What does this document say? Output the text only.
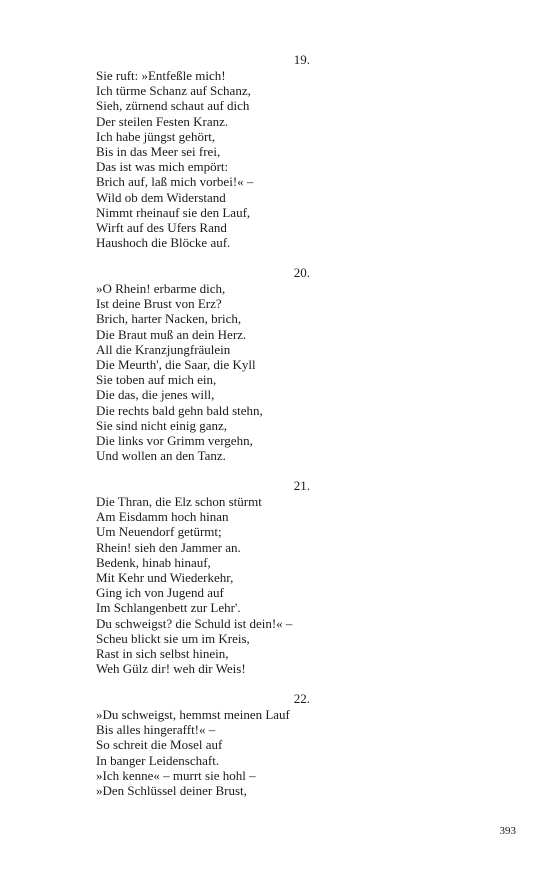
19.
Sie ruft: »Entfeßle mich!
Ich türme Schanz auf Schanz,
Sieh, zürnend schaut auf dich
Der steilen Festen Kranz.
Ich habe jüngst gehört,
Bis in das Meer sei frei,
Das ist was mich empört:
Brich auf, laß mich vorbei!« –
Wild ob dem Widerstand
Nimmt rheinauf sie den Lauf,
Wirft auf des Ufers Rand
Haushoch die Blöcke auf.
20.
»O Rhein! erbarme dich,
Ist deine Brust von Erz?
Brich, harter Nacken, brich,
Die Braut muß an dein Herz.
All die Kranzjungfräulein
Die Meurth', die Saar, die Kyll
Sie toben auf mich ein,
Die das, die jenes will,
Die rechts bald gehn bald stehn,
Sie sind nicht einig ganz,
Die links vor Grimm vergehn,
Und wollen an den Tanz.
21.
Die Thran, die Elz schon stürmt
Am Eisdamm hoch hinan
Um Neuendorf getürmt;
Rhein! sieh den Jammer an.
Bedenk, hinab hinauf,
Mit Kehr und Wiederkehr,
Ging ich von Jugend auf
Im Schlangenbett zur Lehr'.
Du schweigst? die Schuld ist dein!« –
Scheu blickt sie um im Kreis,
Rast in sich selbst hinein,
Weh Gülz dir! weh dir Weis!
22.
»Du schweigst, hemmst meinen Lauf
Bis alles hingerafft!« –
So schreit die Mosel auf
In banger Leidenschaft.
»Ich kenne« – murrt sie hohl –
»Den Schlüssel deiner Brust,
393
